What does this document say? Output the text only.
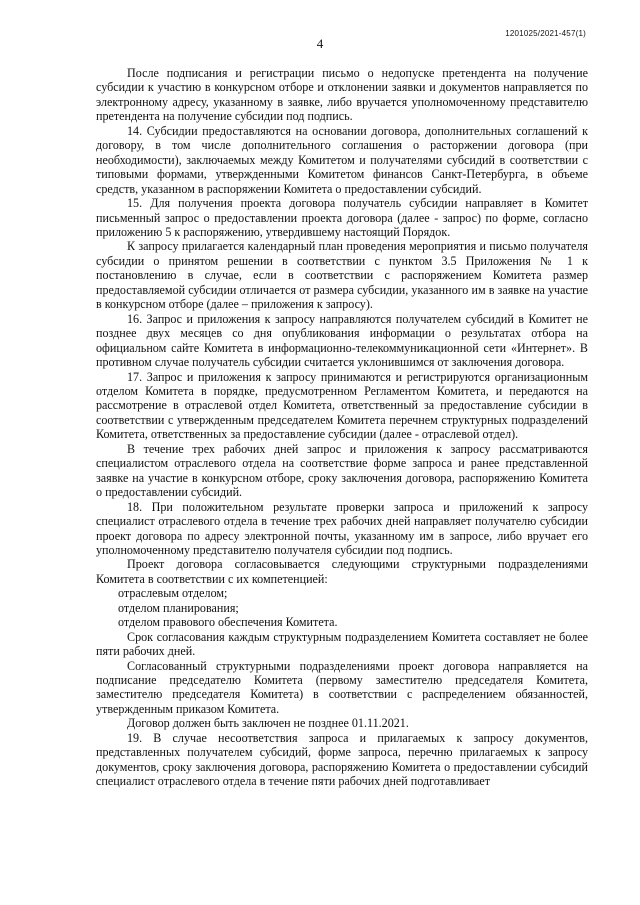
1201025/2021-457(1)
4

После подписания и регистрации письмо о недопуске претендента на получение субсидии к участию в конкурсном отборе и отклонении заявки и документов направляется по электронному адресу, указанному в заявке, либо вручается уполномоченному представителю претендента на получение субсидии под подпись.

14. Субсидии предоставляются на основании договора, дополнительных соглашений к договору, в том числе дополнительного соглашения о расторжении договора (при необходимости), заключаемых между Комитетом и получателями субсидий в соответствии с типовыми формами, утвержденными Комитетом финансов Санкт-Петербурга, в объеме средств, указанном в распоряжении Комитета о предоставлении субсидий.

15. Для получения проекта договора получатель субсидии направляет в Комитет письменный запрос о предоставлении проекта договора (далее - запрос) по форме, согласно приложению 5 к распоряжению, утвердившему настоящий Порядок.

К запросу прилагается календарный план проведения мероприятия и письмо получателя субсидии о принятом решении в соответствии с пунктом 3.5 Приложения № 1 к постановлению в случае, если в соответствии с распоряжением Комитета размер предоставляемой субсидии отличается от размера субсидии, указанного им в заявке на участие в конкурсном отборе (далее – приложения к запросу).

16. Запрос и приложения к запросу направляются получателем субсидий в Комитет не позднее двух месяцев со дня опубликования информации о результатах отбора на официальном сайте Комитета в информационно-телекоммуникационной сети «Интернет». В противном случае получатель субсидии считается уклонившимся от заключения договора.

17. Запрос и приложения к запросу принимаются и регистрируются организационным отделом Комитета в порядке, предусмотренном Регламентом Комитета, и передаются на рассмотрение в отраслевой отдел Комитета, ответственный за предоставление субсидии в соответствии с утвержденным председателем Комитета перечнем структурных подразделений Комитета, ответственных за предоставление субсидии (далее - отраслевой отдел).

В течение трех рабочих дней запрос и приложения к запросу рассматриваются специалистом отраслевого отдела на соответствие форме запроса и ранее представленной заявке на участие в конкурсном отборе, сроку заключения договора, распоряжению Комитета о предоставлении субсидий.

18. При положительном результате проверки запроса и приложений к запросу специалист отраслевого отдела в течение трех рабочих дней направляет получателю субсидии проект договора по адресу электронной почты, указанному им в запросе, либо вручает его уполномоченному представителю получателя субсидии под подпись.

Проект договора согласовывается следующими структурными подразделениями Комитета в соответствии с их компетенцией:

отраслевым отделом;

отделом планирования;

отделом правового обеспечения Комитета.

Срок согласования каждым структурным подразделением Комитета составляет не более пяти рабочих дней.

Согласованный структурными подразделениями проект договора направляется на подписание председателю Комитета (первому заместителю председателя Комитета, заместителю председателя Комитета) в соответствии с распределением обязанностей, утвержденным приказом Комитета.

Договор должен быть заключен не позднее 01.11.2021.

19. В случае несоответствия запроса и прилагаемых к запросу документов, представленных получателем субсидий, форме запроса, перечню прилагаемых к запросу документов, сроку заключения договора, распоряжению Комитета о предоставлении субсидий специалист отраслевого отдела в течение пяти рабочих дней подготавливает
